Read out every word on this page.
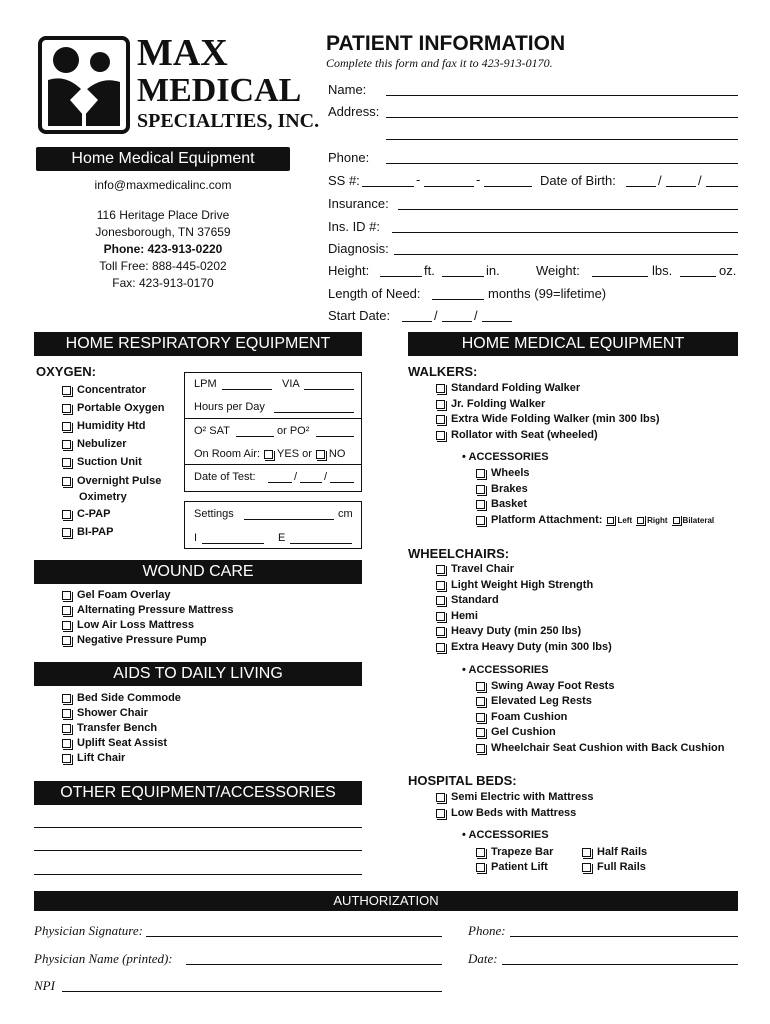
MAX
MEDICAL
SPECIALTIES, INC.
Home Medical Equipment
info@maxmedicalinc.com
116 Heritage Place Drive
Jonesborough, TN 37659
Phone: 423-913-0220
Toll Free: 888-445-0202
Fax: 423-913-0170
PATIENT INFORMATION
Complete this form and fax it to 423-913-0170.
Name:
Address:
Phone:
SS #:	-	-	Date of Birth:	/	/
Insurance:
Ins. ID #:
Diagnosis:
Height:	ft.	in.	Weight:	lbs.	oz.
Length of Need:	months (99=lifetime)
Start Date:	/	/
HOME RESPIRATORY EQUIPMENT
OXYGEN:
Concentrator
Portable Oxygen
Humidity Htd
Nebulizer
Suction Unit
Overnight Pulse
Oximetry
C-PAP
BI-PAP
LPM	VIA
Hours per Day
O² SAT	or PO²
On Room Air: YES or NO
Date of Test:	/ /
Settings	cm
I	E
WOUND CARE
Gel Foam Overlay
Alternating Pressure Mattress
Low Air Loss Mattress
Negative Pressure Pump
AIDS TO DAILY LIVING
Bed Side Commode
Shower Chair
Transfer Bench
Uplift Seat Assist
Lift Chair
OTHER EQUIPMENT/ACCESSORIES
HOME MEDICAL EQUIPMENT
WALKERS:
Standard Folding Walker
Jr. Folding Walker
Extra Wide Folding Walker (min 300 lbs)
Rollator with Seat (wheeled)
• ACCESSORIES
Wheels
Brakes
Basket
Platform Attachment: Left Right Bilateral
WHEELCHAIRS:
Travel Chair
Light Weight High Strength
Standard
Hemi
Heavy Duty (min 250 lbs)
Extra Heavy Duty (min 300 lbs)
• ACCESSORIES
Swing Away Foot Rests
Elevated Leg Rests
Foam Cushion
Gel Cushion
Wheelchair Seat Cushion with Back Cushion
HOSPITAL BEDS:
Semi Electric with Mattress
Low Beds with Mattress
• ACCESSORIES
Trapeze Bar
Patient Lift
Half Rails
Full Rails
AUTHORIZATION
Physician Signature:	Phone:
Physician Name (printed):	Date:
NPI
